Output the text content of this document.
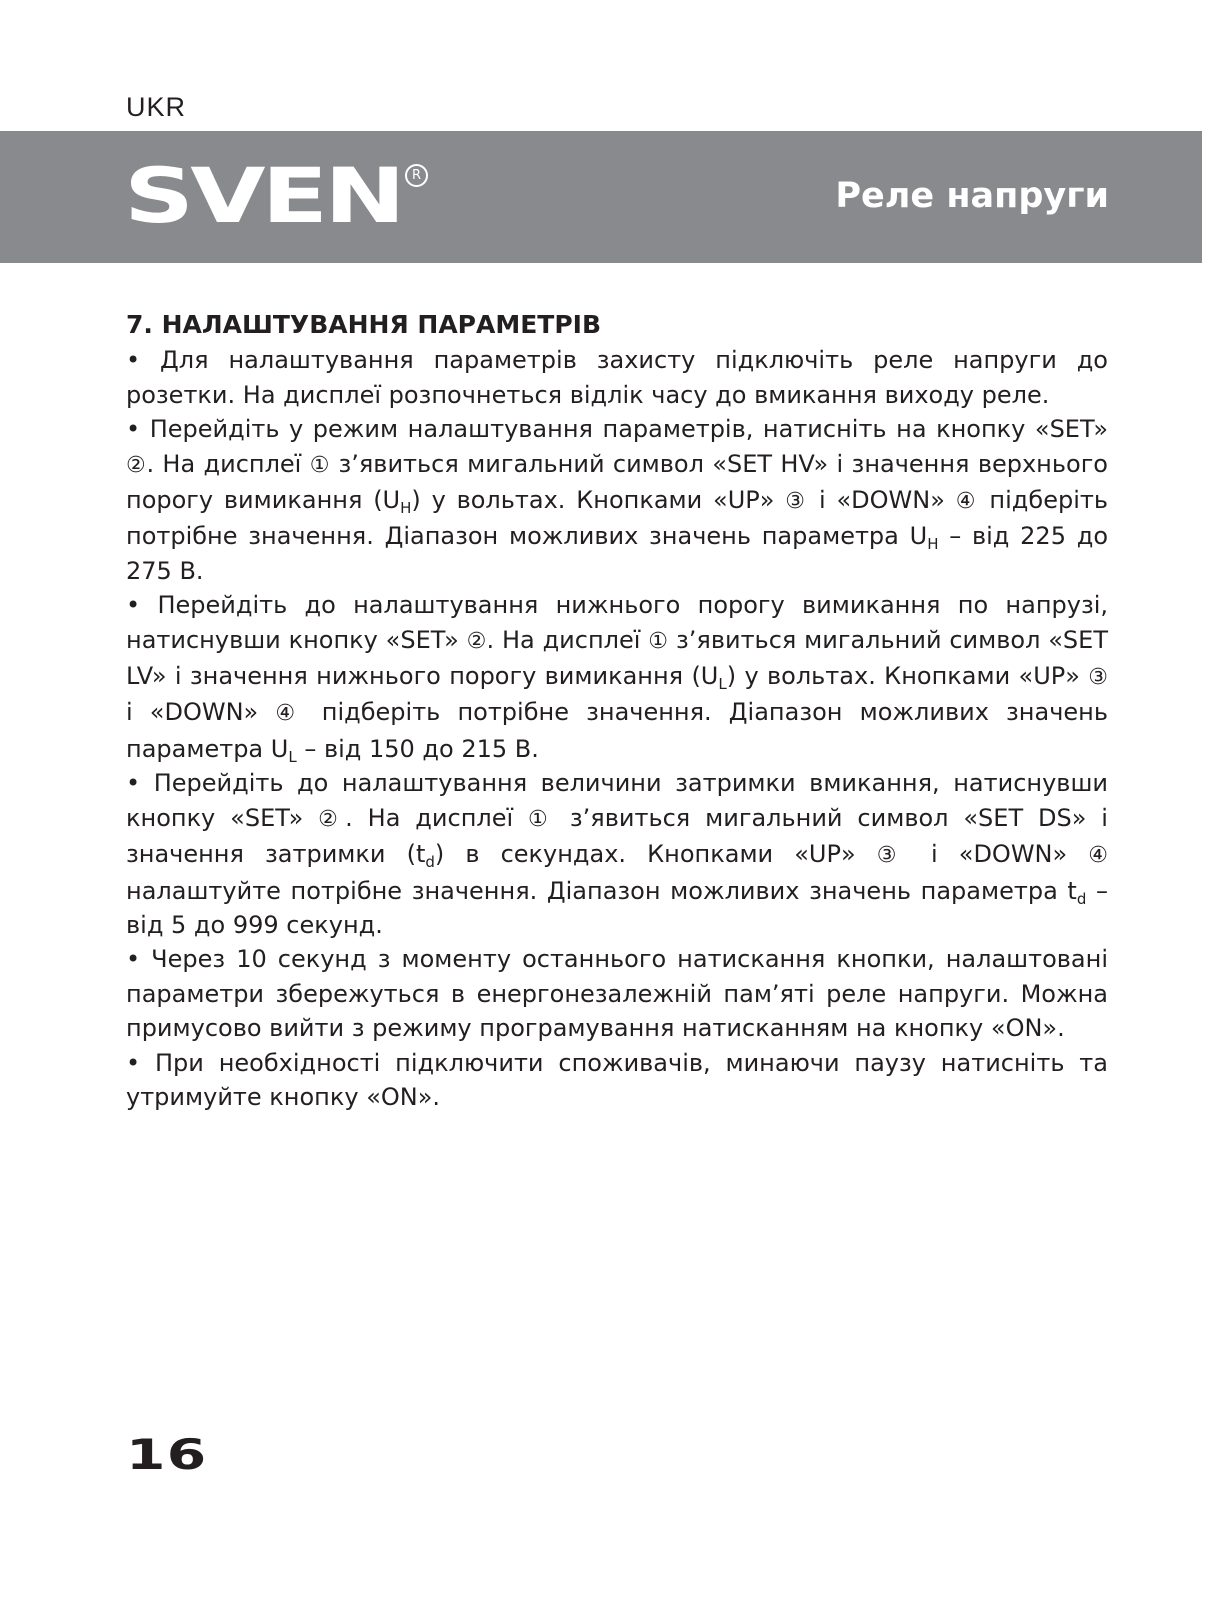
UKR
SVEN R
Реле напруги

7. НАЛАШТУВАННЯ ПАРАМЕТРІВ

• Для налаштування параметрів захисту підключіть реле напруги до розетки. На дисплеї розпочнеться відлік часу до вмикання виходу реле.

• Перейдіть у режим налаштування параметрів, натисніть на кнопку «SET» ②. На дисплеї ① з’явиться мигальний символ «SET HV» і значення верхнього порогу вимикання $(U_H)$ у вольтах. Кнопками «UP» ③ і «DOWN» ④ підберіть потрібне значення. Діапазон можливих значень параметра $U_H$ – від 225 до 275 В.

• Перейдіть до налаштування нижнього порогу вимикання по напрузі, натиснувши кнопку «SET» ②. На дисплеї ① з’явиться мигальний символ «SET LV» і значення нижнього порогу вимикання $(U_L)$ у вольтах. Кнопками «UP» ③ і «DOWN» ④ підберіть потрібне значення. Діапазон можливих значень параметра $U_L$ – від 150 до 215 В.

• Перейдіть до налаштування величини затримки вмикання, натиснувши кнопку «SET» ②. На дисплеї ① з’явиться мигальний символ «SET DS» і значення затримки $(t_d)$ в секундах. Кнопками «UP» ③ і «DOWN» ④ налаштуйте потрібне значення. Діапазон можливих значень параметра $t_d$ – від 5 до 999 секунд.

• Через 10 секунд з моменту останнього натискання кнопки, налаштовані параметри збережуться в енергонезалежній пам’яті реле напруги. Можна примусово вийти з режиму програмування натисканням на кнопку «ON».

• При необхідності підключити споживачів, минаючи паузу натисніть та утримуйте кнопку «ON».

16
